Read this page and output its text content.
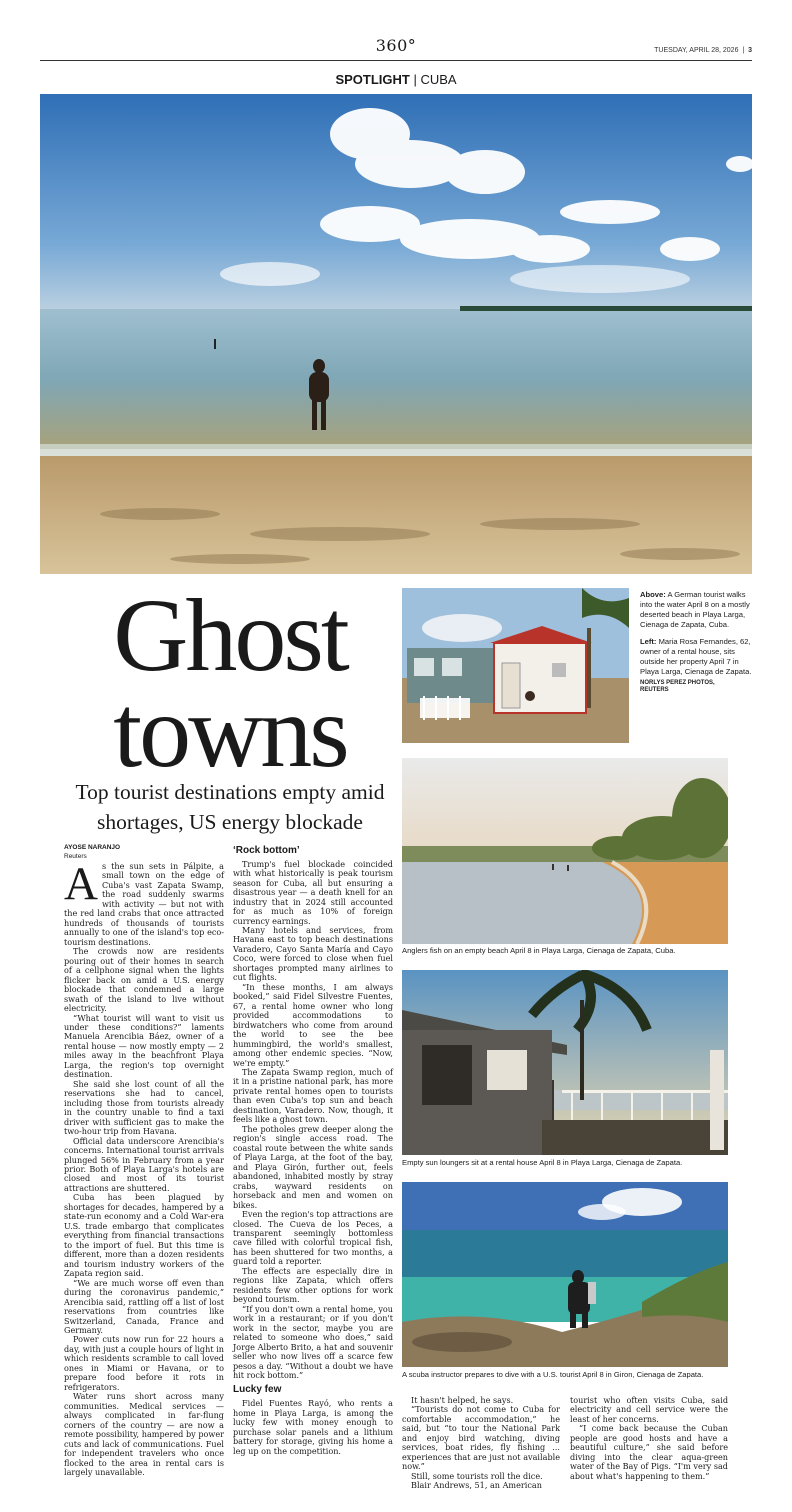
360°	TUESDAY, APRIL 28, 2026  |  3
SPOTLIGHT | CUBA
Ghost
towns
Top tourist destinations empty amid shortages, US energy blockade
AYOSE NARANJO
Reuters

As the sun sets in Pálpite, a small town on the edge of Cuba's vast Zapata Swamp, the road suddenly swarms with activity — but not with the red land crabs that once attracted hundreds of thousands of tourists annually to one of the island's top eco-tourism destinations.

The crowds now are residents pouring out of their homes in search of a cellphone signal when the lights flicker back on amid a U.S. energy blockade that condemned a large swath of the island to live without electricity.

“What tourist will want to visit us under these conditions?” laments Manuela Arencibia Báez, owner of a rental house — now mostly empty — 2 miles away in the beachfront Playa Larga, the region's top overnight destination.

She said she lost count of all the reservations she had to cancel, including those from tourists already in the country unable to find a taxi driver with sufficient gas to make the two-hour trip from Havana.

Official data underscore Arencibia's concerns. International tourist arrivals plunged 56% in February from a year prior. Both of Playa Larga's hotels are closed and most of its tourist attractions are shuttered.

Cuba has been plagued by shortages for decades, hampered by a state-run economy and a Cold War-era U.S. trade embargo that complicates everything from financial transactions to the import of fuel. But this time is different, more than a dozen residents and tourism industry workers of the Zapata region said.

“We are much worse off even than during the coronavirus pandemic,” Arencibia said, rattling off a list of lost reservations from countries like Switzerland, Canada, France and Germany.

Power cuts now run for 22 hours a day, with just a couple hours of light in which residents scramble to call loved ones in Miami or Havana, or to prepare food before it rots in refrigerators.

Water runs short across many communities. Medical services — always complicated in far-flung corners of the country — are now a remote possibility, hampered by power cuts and lack of communications. Fuel for independent travelers who once flocked to the area in rental cars is largely unavailable.

‘Rock bottom’

Trump's fuel blockade coincided with what historically is peak tourism season for Cuba, all but ensuring a disastrous year — a death knell for an industry that in 2024 still accounted for as much as 10% of foreign currency earnings.

Many hotels and services, from Havana east to top beach destinations Varadero, Cayo Santa María and Cayo Coco, were forced to close when fuel shortages prompted many airlines to cut flights.

“In these months, I am always booked,” said Fidel Silvestre Fuentes, 67, a rental home owner who long provided accommodations to birdwatchers who come from around the world to see the bee hummingbird, the world's smallest, among other endemic species. “Now, we're empty.”

The Zapata Swamp region, much of it in a pristine national park, has more private rental homes open to tourists than even Cuba's top sun and beach destination, Varadero. Now, though, it feels like a ghost town.

The potholes grew deeper along the region's single access road. The coastal route between the white sands of Playa Larga, at the foot of the bay, and Playa Girón, further out, feels abandoned, inhabited mostly by stray crabs, wayward residents on horseback and men and women on bikes.

Even the region's top attractions are closed. The Cueva de los Peces, a transparent seemingly bottomless cave filled with colorful tropical fish, has been shuttered for two months, a guard told a reporter.

The effects are especially dire in regions like Zapata, which offers residents few other options for work beyond tourism.

“If you don't own a rental home, you work in a restaurant; or if you don't work in the sector, maybe you are related to someone who does,” said Jorge Alberto Brito, a hat and souvenir seller who now lives off a scarce few pesos a day. “Without a doubt we have hit rock bottom.”

Lucky few

Fidel Fuentes Rayó, who rents a home in Playa Larga, is among the lucky few with money enough to purchase solar panels and a lithium battery for storage, giving his home a leg up on the competition.

It hasn't helped, he says.

“Tourists do not come to Cuba for comfortable accommodation,” he said, but “to tour the National Park and enjoy bird watching, diving services, boat rides, fly fishing ... experiences that are just not available now.”

Still, some tourists roll the dice.

Blair Andrews, 51, an American

tourist who often visits Cuba, said electricity and cell service were the least of her concerns.

“I come back because the Cuban people are good hosts and have a beautiful culture,” she said before diving into the clear aqua-green water of the Bay of Pigs. “I'm very sad about what's happening to them.”

Above: A German tourist walks into the water April 8 on a mostly deserted beach in Playa Larga, Cienaga de Zapata, Cuba.
Left: Maria Rosa Fernandes, 62, owner of a rental house, sits outside her property April 7 in Playa Larga, Cienaga de Zapata.
NORLYS PEREZ PHOTOS,
REUTERS
Anglers fish on an empty beach April 8 in Playa Larga, Cienaga de Zapata, Cuba.
Empty sun loungers sit at a rental house April 8 in Playa Larga, Cienaga de Zapata.
A scuba instructor prepares to dive with a U.S. tourist April 8 in Giron, Cienaga de Zapata.
